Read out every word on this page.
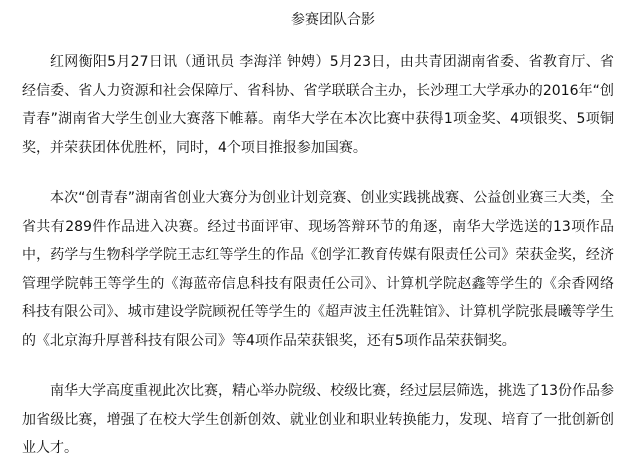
参赛团队合影

红网衡阳5月27日讯（通讯员 李海洋 钟娉）5月23日，由共青团湖南省委、省教育厅、省经信委、省人力资源和社会保障厅、省科协、省学联联合主办，长沙理工大学承办的2016年“创青春”湖南省大学生创业大赛落下帷幕。南华大学在本次比赛中获得1项金奖、4项银奖、5项铜奖，并荣获团体优胜杯，同时，4个项目推报参加国赛。

本次“创青春”湖南省创业大赛分为创业计划竞赛、创业实践挑战赛、公益创业赛三大类，全省共有289件作品进入决赛。经过书面评审、现场答辩环节的角逐，南华大学选送的13项作品中，药学与生物科学学院王志红等学生的作品《创学汇教育传媒有限责任公司》荣获金奖，经济管理学院韩王等学生的《海蓝帝信息科技有限责任公司》、计算机学院赵鑫等学生的《余香网络科技有限公司》、城市建设学院顾祝任等学生的《超声波主任洗鞋馆》、计算机学院张晨曦等学生的《北京海升厚普科技有限公司》等4项作品荣获银奖，还有5项作品荣获铜奖。

南华大学高度重视此次比赛，精心举办院级、校级比赛，经过层层筛选，挑选了13份作品参加省级比赛，增强了在校大学生创新创效、就业创业和职业转换能力，发现、培育了一批创新创业人才。
